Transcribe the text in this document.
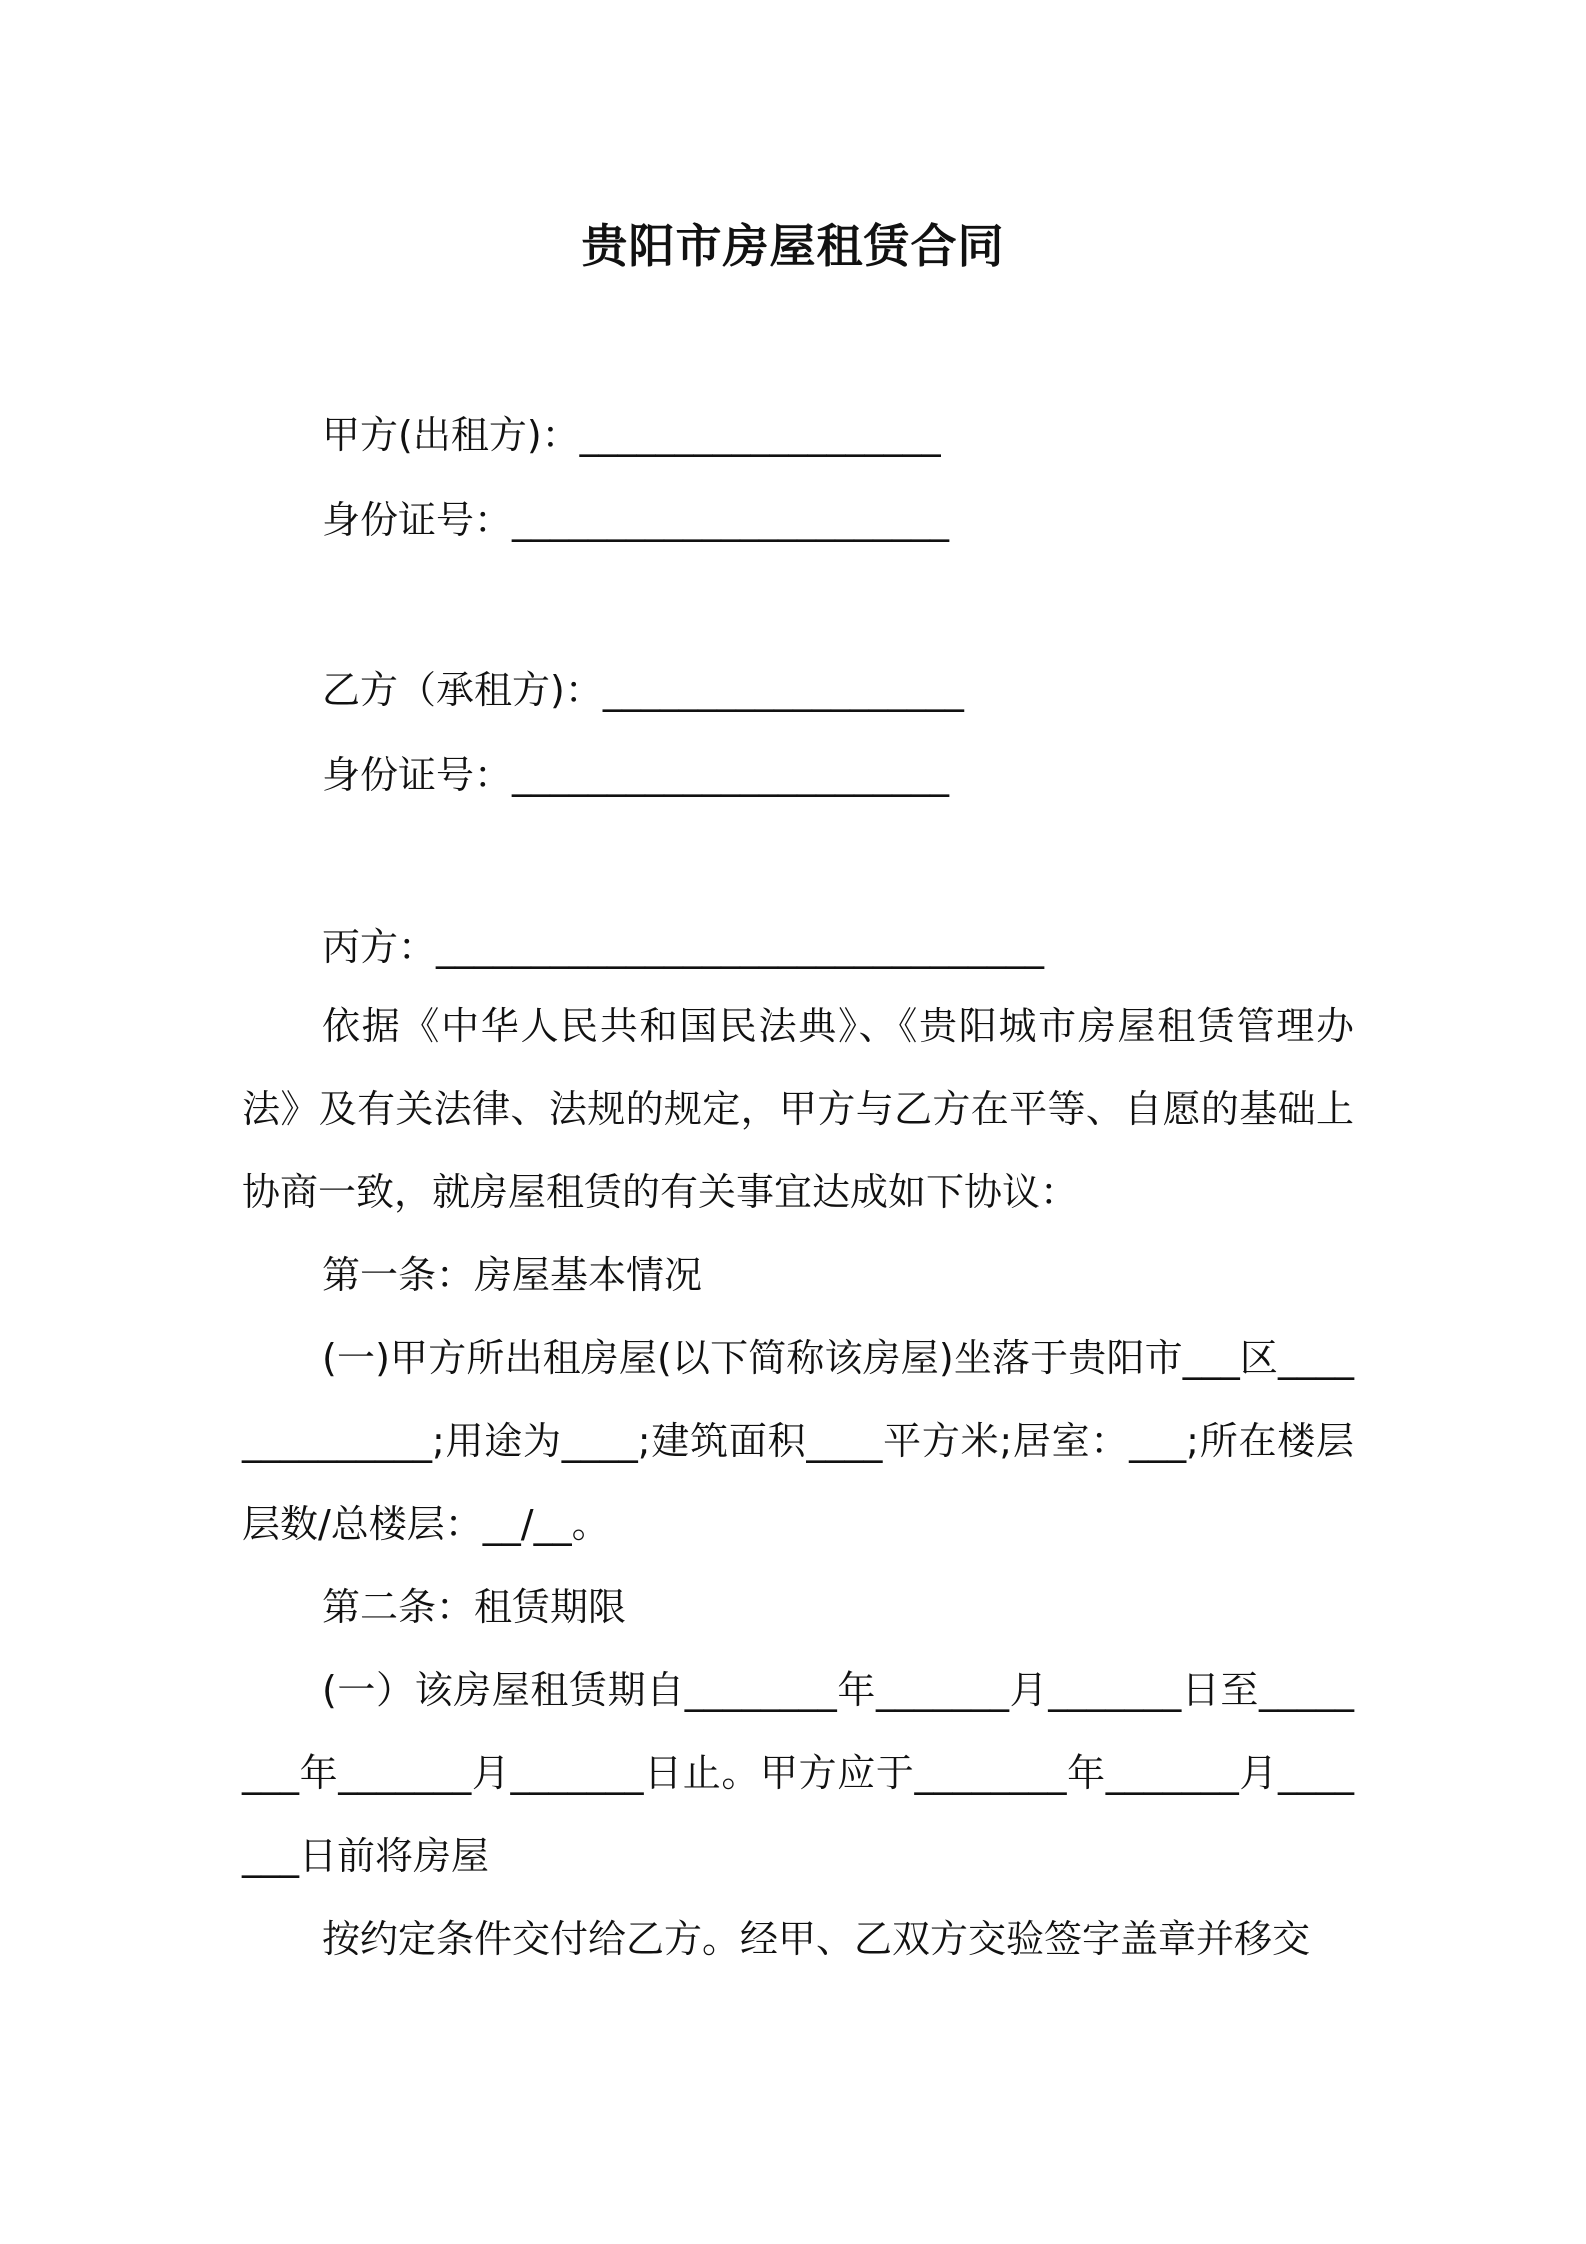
贵阳市房屋租赁合同
甲方(出租方)：___________________
身份证号：_______________________
乙方（承租方)：___________________
身份证号：_______________________
丙方：________________________________

依据《中华人民共和国民法典》、《贵阳城市房屋租赁管理办法》及有关法律、法规的规定，甲方与乙方在平等、自愿的基础上协商一致，就房屋租赁的有关事宜达成如下协议：

第一条：房屋基本情况

(一)甲方所出租房屋(以下简称该房屋)坐落于贵阳市___区______________;用途为____;建筑面积____平方米;居室：___;所在楼层层数/总楼层：__/__。

第二条：租赁期限

(一）该房屋租赁期自________年_______月_______日至________年_______月_______日止。甲方应于________年_______月_______日前将房屋

按约定条件交付给乙方。经甲、乙双方交验签字盖章并移交
